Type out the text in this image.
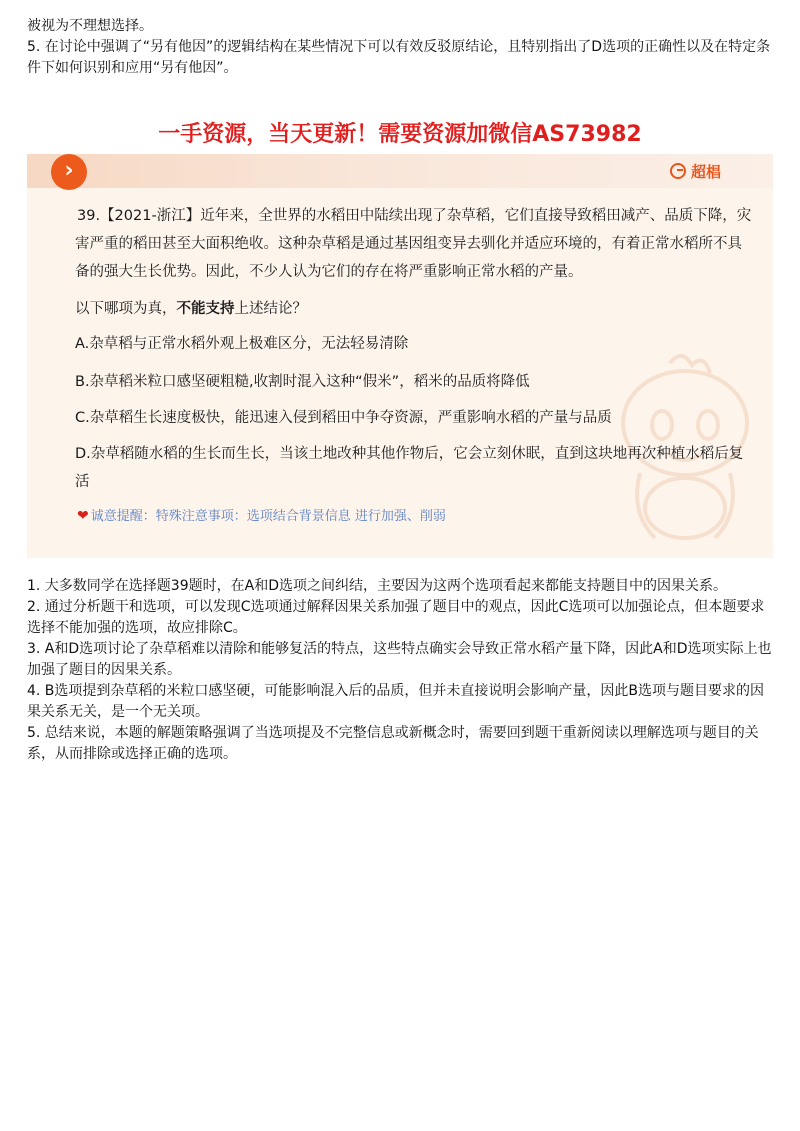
被视为不理想选择。

5. 在讨论中强调了“另有他因”的逻辑结构在某些情况下可以有效反驳原结论，且特别指出了D选项的正确性以及在特定条件下如何识别和应用“另有他因”。

一手资源，当天更新！需要资源加微信AS73982
›	超椙
39.【2021-浙江】近年来，全世界的水稻田中陆续出现了杂草稻，它们直接导致稻田减产、品质下降，灾害严重的稻田甚至大面积绝收。这种杂草稻是通过基因组变异去驯化并适应环境的，有着正常水稻所不具备的强大生长优势。因此，不少人认为它们的存在将严重影响正常水稻的产量。
以下哪项为真，不能支持上述结论？
A.杂草稻与正常水稻外观上极难区分，无法轻易清除
B.杂草稻米粒口感坚硬粗糙,收割时混入这种“假米”，稻米的品质将降低
C.杂草稻生长速度极快，能迅速入侵到稻田中争夺资源，严重影响水稻的产量与品质
D.杂草稻随水稻的生长而生长，当该土地改种其他作物后，它会立刻休眠，直到这块地再次种植水稻后复活
❤ 诚意提醒：特殊注意事项：选项结合背景信息 进行加强、削弱

1. 大多数同学在选择题39题时，在A和D选项之间纠结，主要因为这两个选项看起来都能支持题目中的因果关系。

2. 通过分析题干和选项，可以发现C选项通过解释因果关系加强了题目中的观点，因此C选项可以加强论点，但本题要求选择不能加强的选项，故应排除C。

3. A和D选项讨论了杂草稻难以清除和能够复活的特点，这些特点确实会导致正常水稻产量下降，因此A和D选项实际上也加强了题目的因果关系。

4. B选项提到杂草稻的米粒口感坚硬，可能影响混入后的品质，但并未直接说明会影响产量，因此B选项与题目要求的因果关系无关，是一个无关项。

5. 总结来说，本题的解题策略强调了当选项提及不完整信息或新概念时，需要回到题干重新阅读以理解选项与题目的关系，从而排除或选择正确的选项。
